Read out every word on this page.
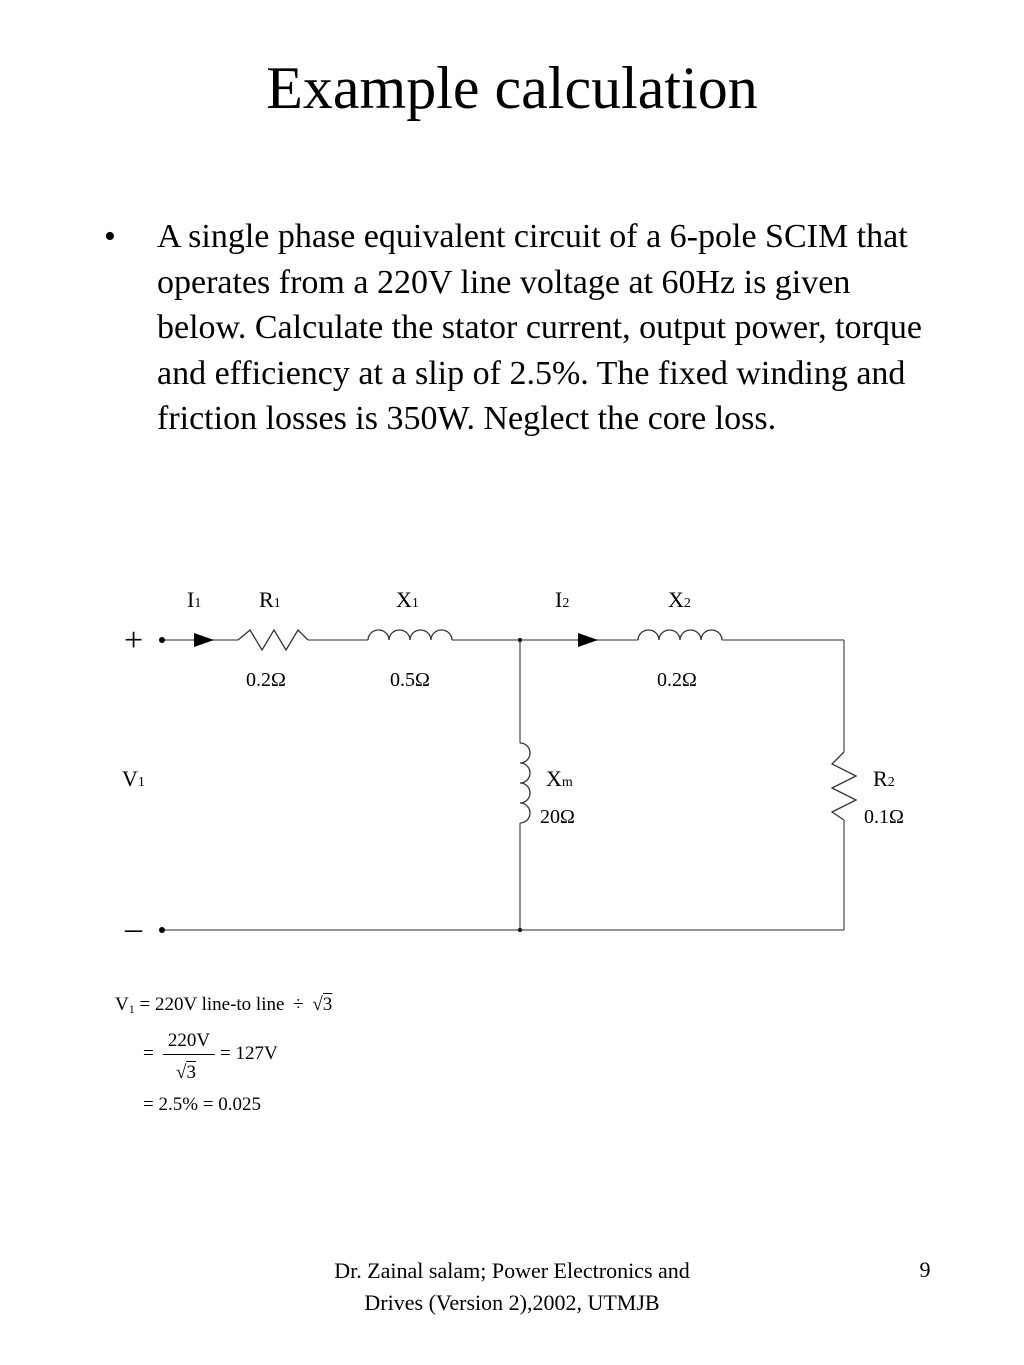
Example calculation
• A single phase equivalent circuit of a 6-pole SCIM that operates from a 220V line voltage at 60Hz is given below. Calculate the stator current, output power, torque and efficiency at a slip of 2.5%. The fixed winding and friction losses is 350W. Neglect the core loss.
+
–
V1
I1	R1
0.2Ω
X1
0.5Ω
I2	X2
0.2Ω
Xm
20Ω
R2
0.1Ω
$V_1 = 220V$ line-to line ÷ √3
=
220V
√3
= 127V
= 2.5% = 0.025
Dr. Zainal salam; Power Electronics and Drives (Version 2),2002, UTMJB
9
